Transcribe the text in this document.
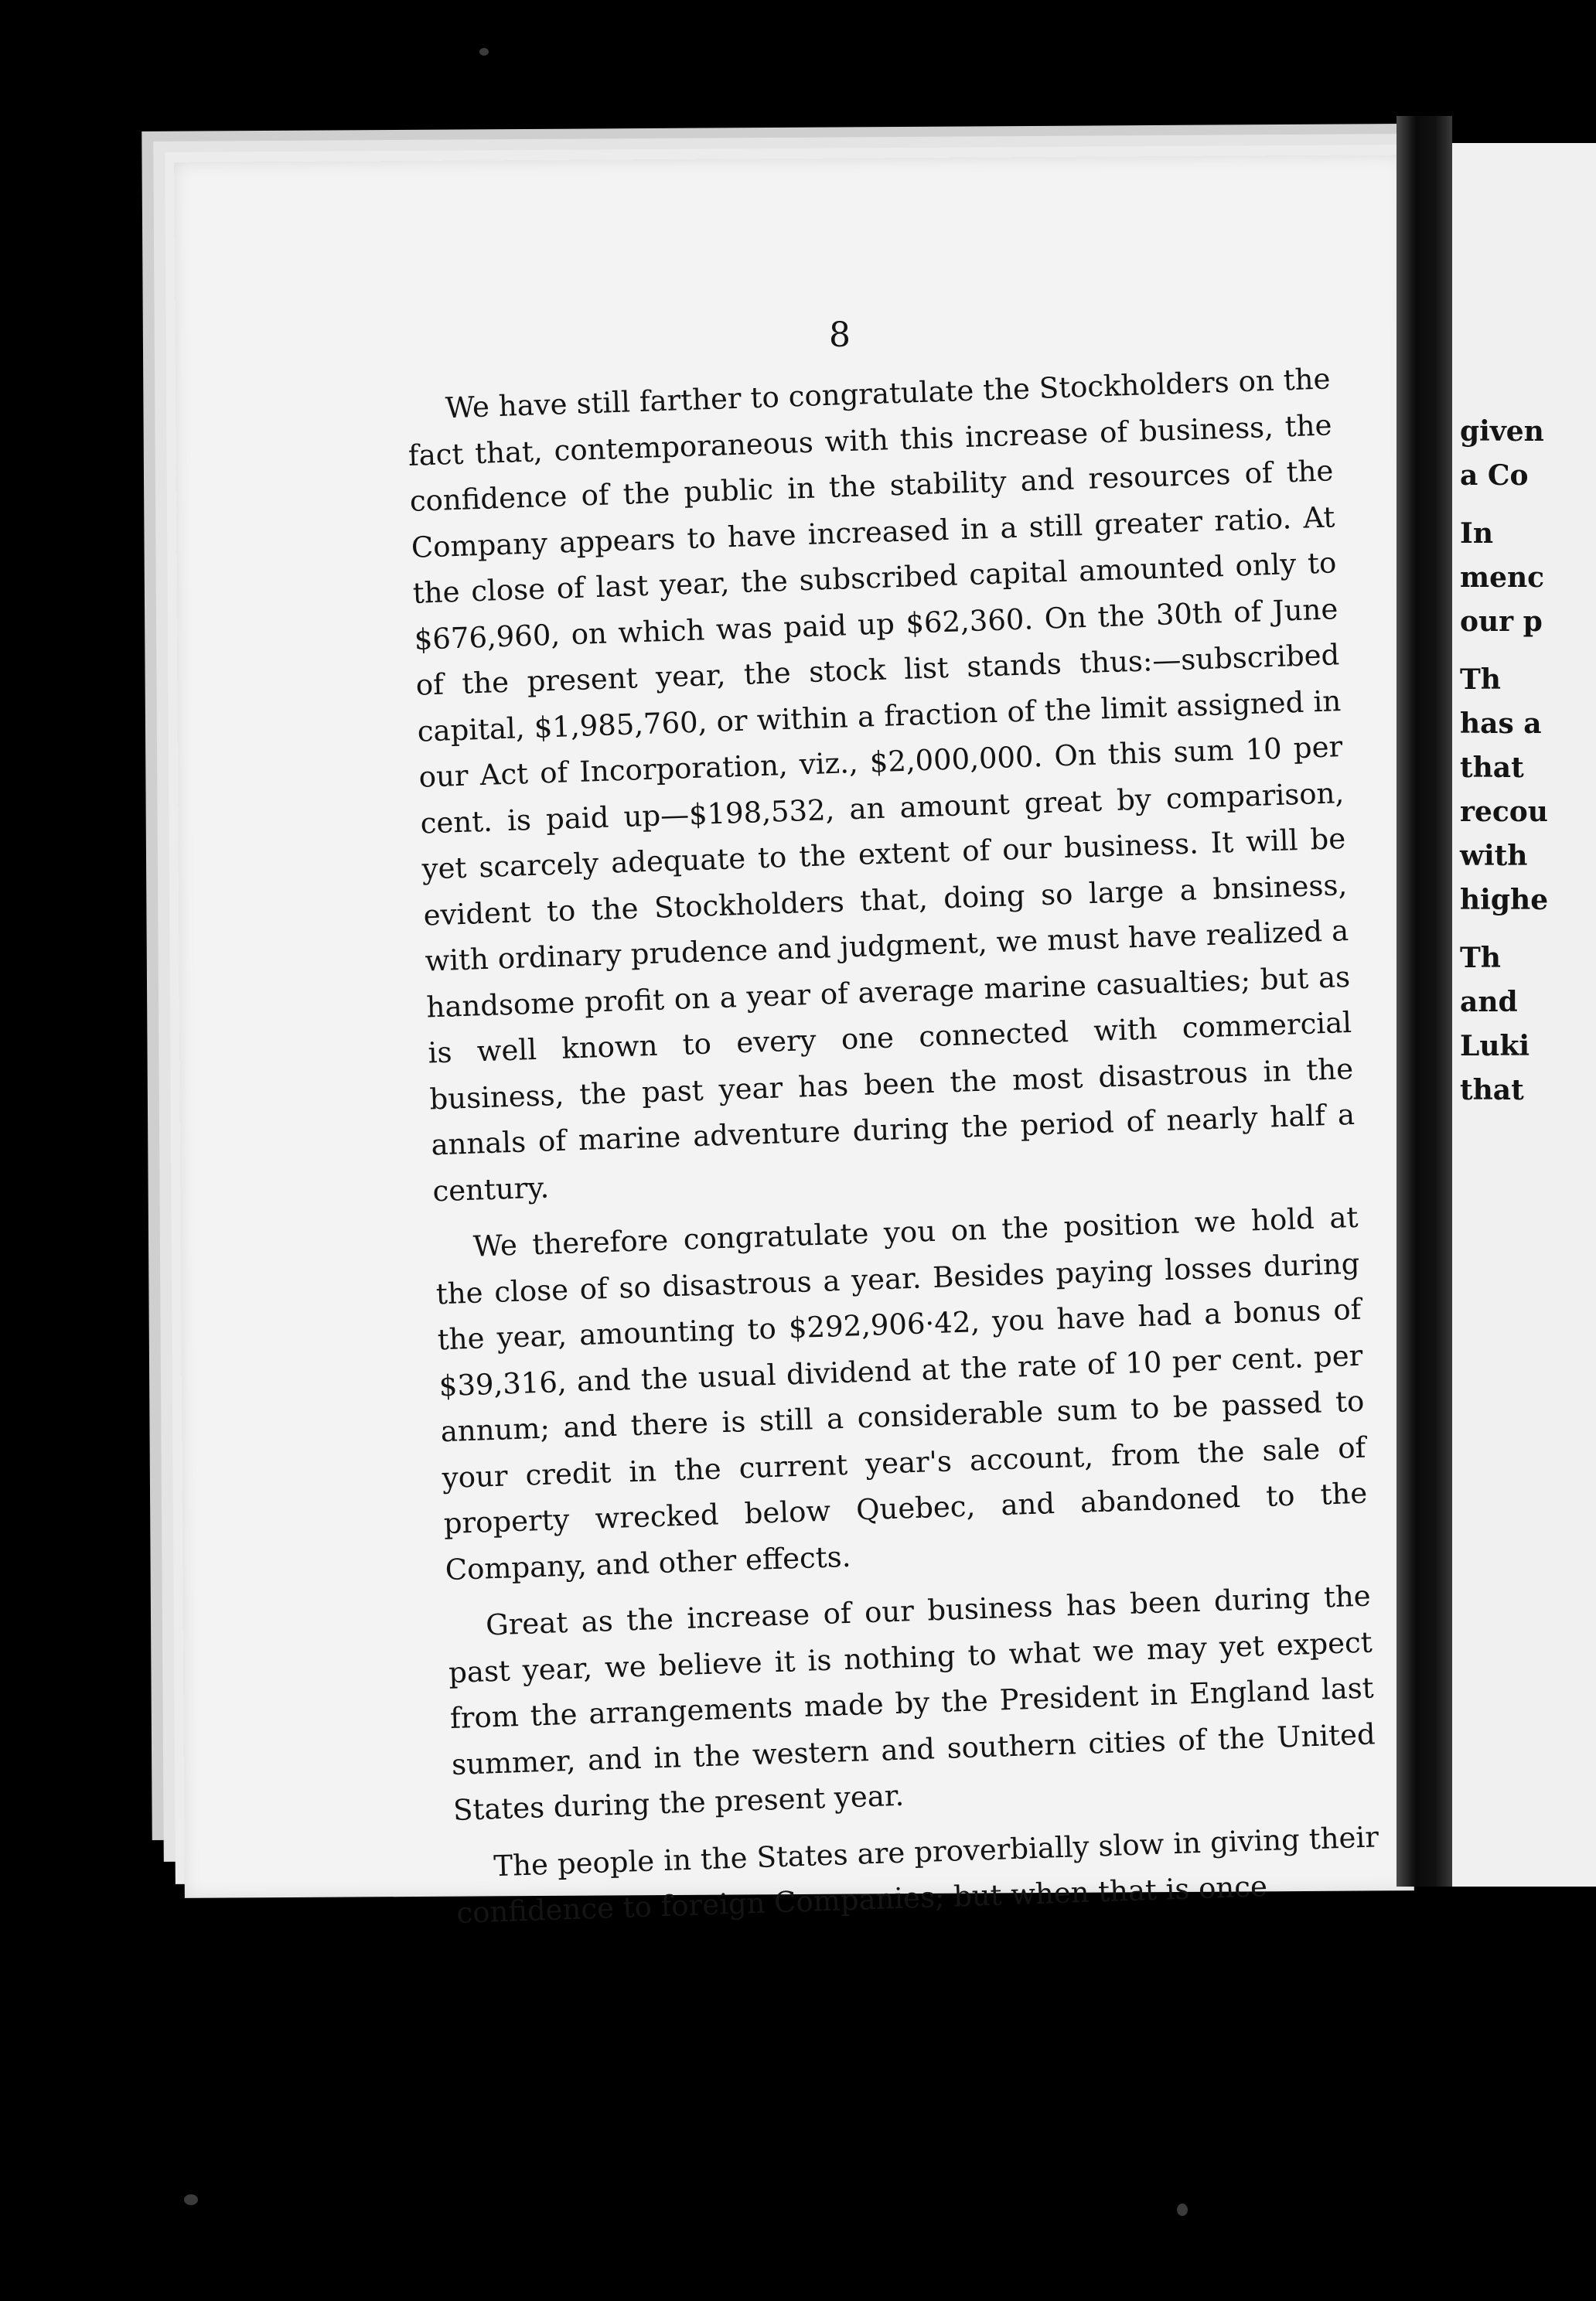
8

We have still farther to congratulate the Stockholders on the fact that, contemporaneous with this increase of business, the confidence of the public in the stability and resources of the Company appears to have increased in a still greater ratio. At the close of last year, the subscribed capital amounted only to $676,960, on which was paid up $62,360. On the 30th of June of the present year, the stock list stands thus:—subscribed capital, $1,985,760, or within a fraction of the limit assigned in our Act of Incorporation, viz., $2,000,000. On this sum 10 per cent. is paid up—$198,532, an amount great by comparison, yet scarcely adequate to the extent of our business. It will be evident to the Stockholders that, doing so large a bnsiness, with ordinary prudence and judgment, we must have realized a handsome profit on a year of average marine casualties; but as is well known to every one connected with commercial business, the past year has been the most disastrous in the annals of marine adventure during the period of nearly half a century.

We therefore congratulate you on the position we hold at the close of so disastrous a year. Besides paying losses during the year, amounting to $292,906·42, you have had a bonus of $39,316, and the usual dividend at the rate of 10 per cent. per annum; and there is still a considerable sum to be passed to your credit in the current year's account, from the sale of property wrecked below Quebec, and abandoned to the Company, and other effects.

Great as the increase of our business has been during the past year, we believe it is nothing to what we may yet expect from the arrangements made by the President in England last summer, and in the western and southern cities of the United States during the present year.

The people in the States are proverbially slow in giving their confidence to foreign Companies; but when that is once

given
a Co
In
menc
our p
Th
has a
that
recou
with
highe
Th
and
Luki
that
